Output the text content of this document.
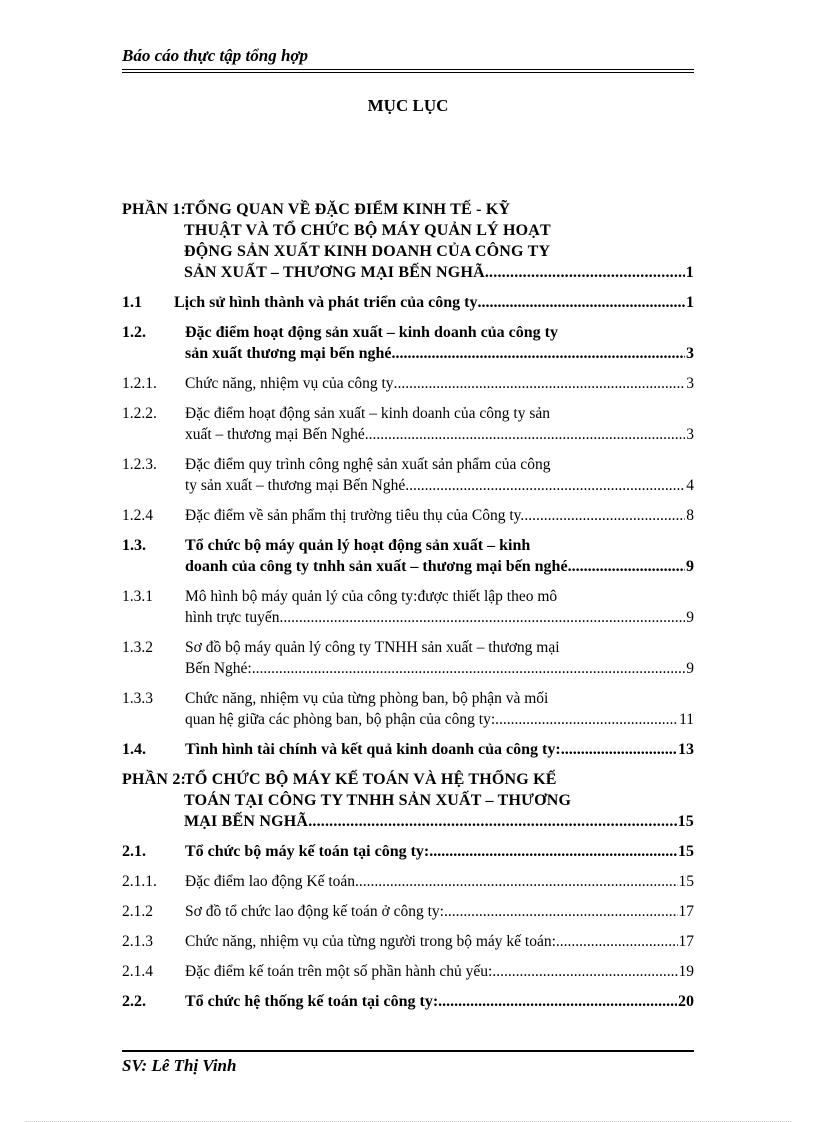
Báo cáo thực tập tổng hợp
MỤC LỤC
PHẦN 1:
TỔNG QUAN VỀ ĐẶC ĐIỂM KINH TẾ - KỸ
THUẬT VÀ TỔ CHỨC BỘ MÁY QUẢN LÝ HOẠT
ĐỘNG SẢN XUẤT KINH DOANH CỦA CÔNG TY
SẢN XUẤT – THƯƠNG MẠI BẾN NGHÃ .....	1
1.1 Lịch sử hình thành và phát triển của công ty .....	1
1.2. Đặc điểm hoạt động sản xuất – kinh doanh của công ty
sản xuất thương mại bến nghé .....	3
1.2.1. Chức năng, nhiệm vụ của công ty .....	3
1.2.2. Đặc điểm hoạt động sản xuất – kinh doanh của công ty sản
xuất – thương mại Bến Nghé .....	3
1.2.3. Đặc điểm quy trình công nghệ sản xuất sản phẩm của công
ty sản xuất – thương mại Bến Nghé .....	4
1.2.4 Đặc điểm về sản phẩm thị trường tiêu thụ của Công ty. .....	8
1.3. Tổ chức bộ máy quản lý hoạt động sản xuất – kinh
doanh của công ty tnhh sản xuất – thương mại bến nghé .....	9
1.3.1 Mô hình bộ máy quản lý của công ty:được thiết lập theo mô
hình trực tuyến .....	9
1.3.2 Sơ đồ bộ máy quản lý công ty TNHH sản xuất – thương mại
Bến Nghé: .....	9
1.3.3 Chức năng, nhiệm vụ của từng phòng ban, bộ phận và mối
quan hệ giữa các phòng ban, bộ phận của công ty: .....	11
1.4. Tình hình tài chính và kết quả kinh doanh của công ty: .....	13
PHẦN 2:
TỔ CHỨC BỘ MÁY KẾ TOÁN VÀ HỆ THỐNG KẾ
TOÁN TẠI CÔNG TY TNHH SẢN XUẤT – THƯƠNG
MẠI BẾN NGHÃ .....	15
2.1. Tổ chức bộ máy kế toán tại công ty: .....	15
2.1.1. Đặc điểm lao động Kế toán .....	15
2.1.2 Sơ đồ tổ chức lao động kế toán ở công ty: .....	17
2.1.3 Chức năng, nhiệm vụ của từng người trong bộ máy kế toán: .....	17
2.1.4 Đặc điểm kế toán trên một số phần hành chủ yếu: .....	19
2.2. Tổ chức hệ thống kế toán tại công ty: .....	20
SV: Lê Thị Vinh
